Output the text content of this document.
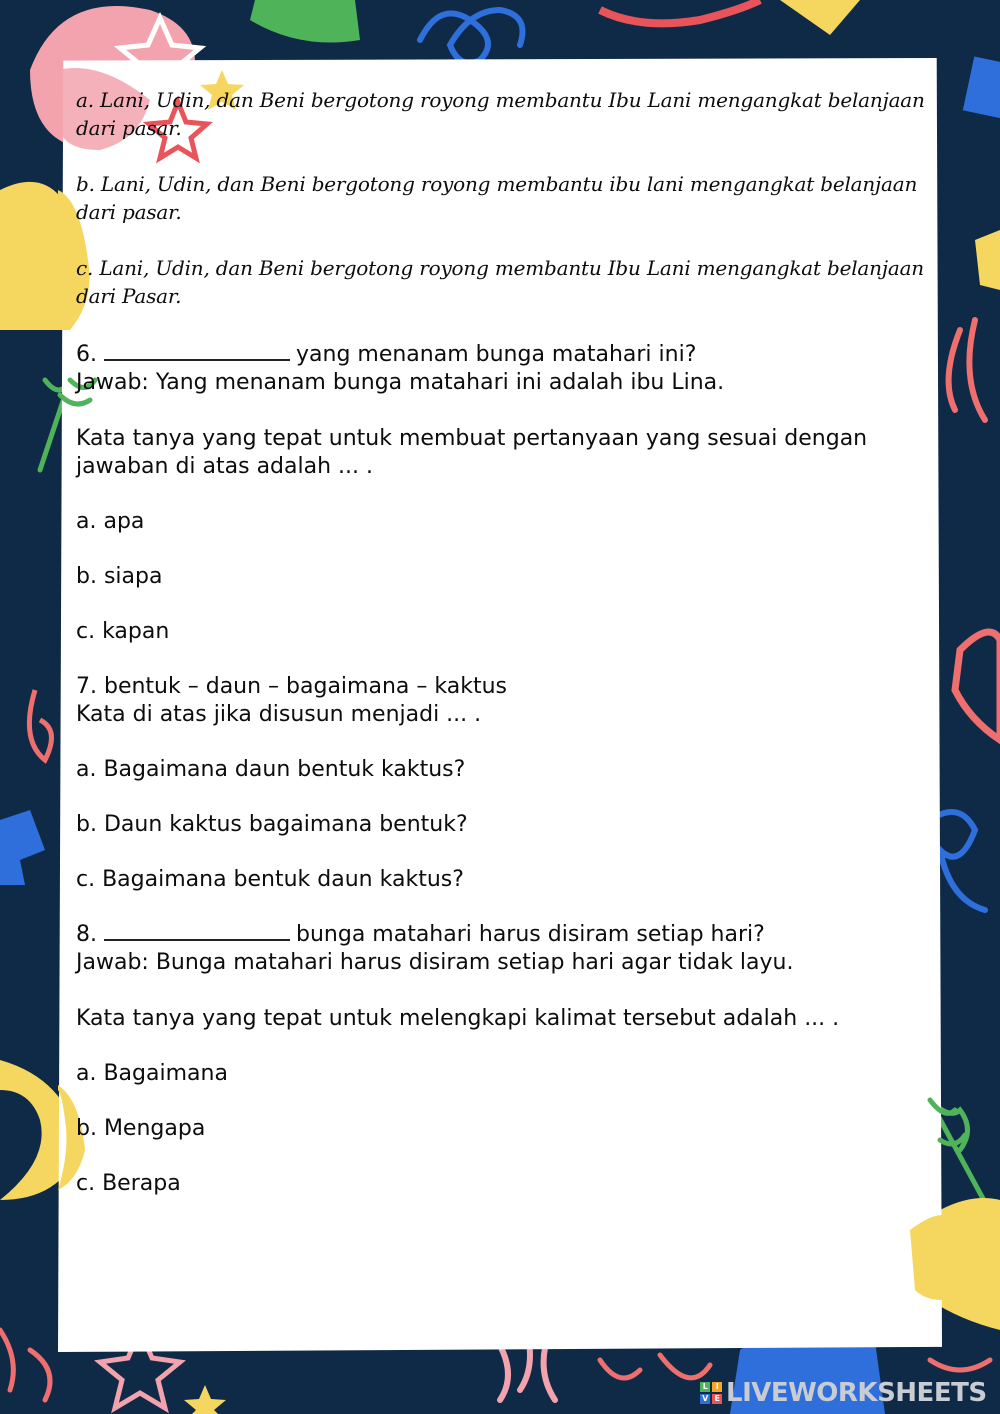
a. Lani, Udin, dan Beni bergotong royong membantu Ibu Lani mengangkat belanjaan dari pasar.

b. Lani, Udin, dan Beni bergotong royong membantu ibu lani mengangkat belanjaan dari pasar.

c. Lani, Udin, dan Beni bergotong royong membantu Ibu Lani mengangkat belanjaan dari Pasar.

6.	yang menanam bunga matahari ini?

Jawab: Yang menanam bunga matahari ini adalah ibu Lina.

Kata tanya yang tepat untuk membuat pertanyaan yang sesuai dengan jawaban di atas adalah ... .

a. apa

b. siapa

c. kapan

7. bentuk – daun – bagaimana – kaktus

Kata di atas jika disusun menjadi ... .

a. Bagaimana daun bentuk kaktus?

b. Daun kaktus bagaimana bentuk?

c. Bagaimana bentuk daun kaktus?

8.	bunga matahari harus disiram setiap hari?

Jawab: Bunga matahari harus disiram setiap hari agar tidak layu.

Kata tanya yang tepat untuk melengkapi kalimat tersebut adalah ... .

a. Bagaimana

b. Mengapa

c. Berapa

L	I
V E LIVEWORKSHEETS
